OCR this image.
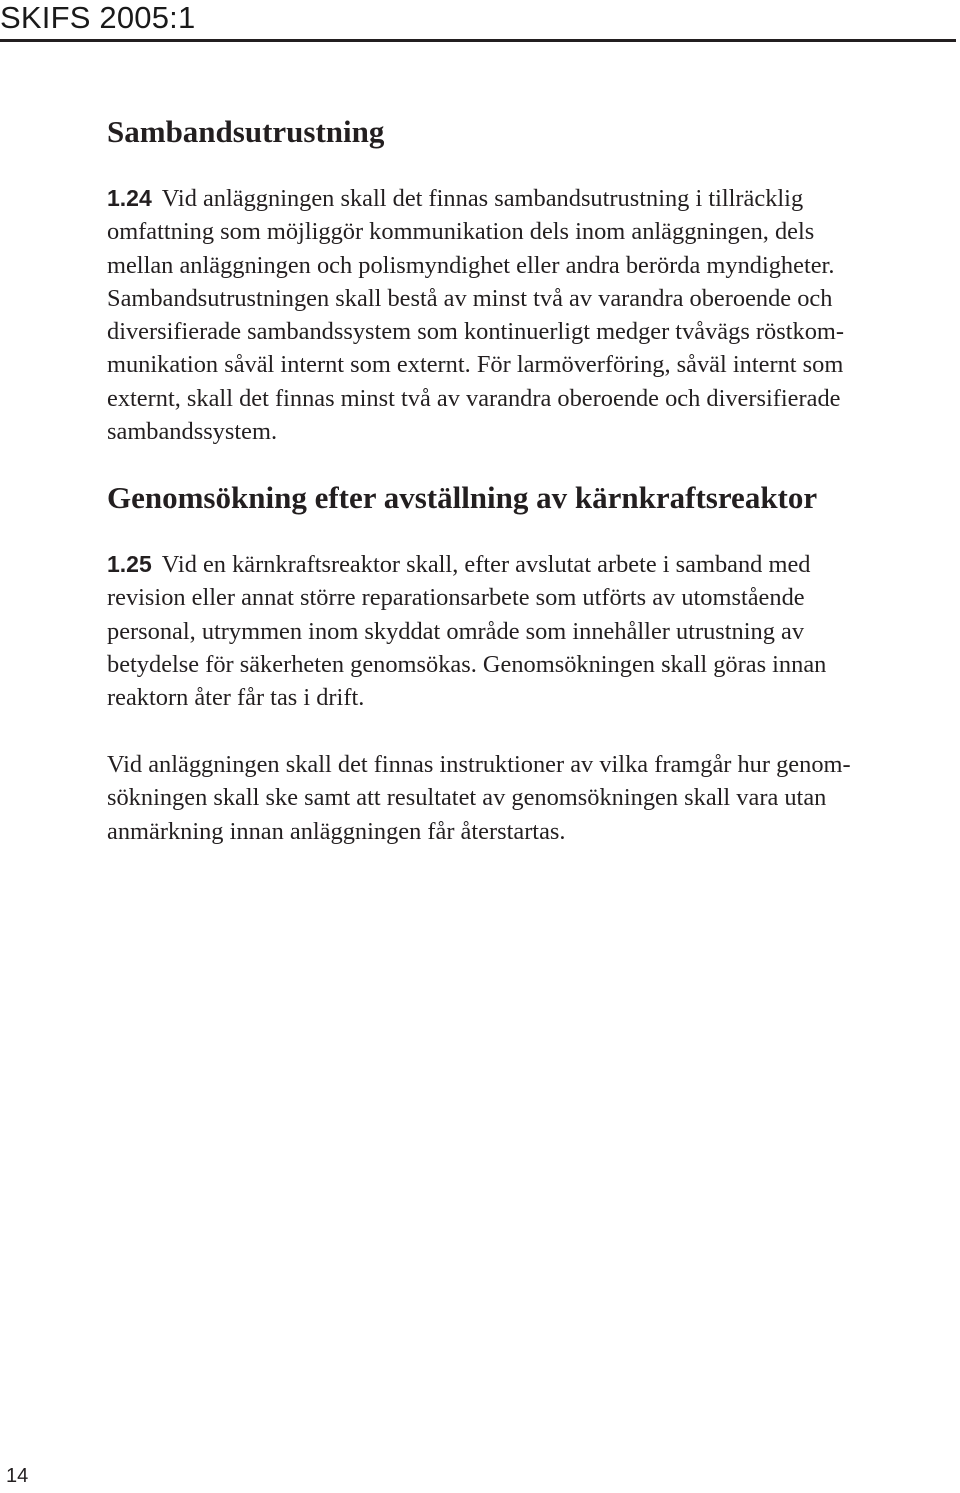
SKIFS 2005:1
Sambandsutrustning

1.24 Vid anläggningen skall det finnas sambandsutrustning i tillräcklig
omfattning som möjliggör kommunikation dels inom anläggningen, dels
mellan anläggningen och polismyndighet eller andra berörda myndigheter.
Sambandsutrustningen skall bestå av minst två av varandra oberoende och
diversifierade sambandssystem som kontinuerligt medger tvåvägs röstkom-
munikation såväl internt som externt. För larmöverföring, såväl internt som
externt, skall det finnas minst två av varandra oberoende och diversifierade
sambandssystem.

Genomsökning efter avställning av kärnkraftsreaktor

1.25 Vid en kärnkraftsreaktor skall, efter avslutat arbete i samband med
revision eller annat större reparationsarbete som utförts av utomstående
personal, utrymmen inom skyddat område som innehåller utrustning av
betydelse för säkerheten genomsökas. Genomsökningen skall göras innan
reaktorn åter får tas i drift.

Vid anläggningen skall det finnas instruktioner av vilka framgår hur genom-
sökningen skall ske samt att resultatet av genomsökningen skall vara utan
anmärkning innan anläggningen får återstartas.

14
